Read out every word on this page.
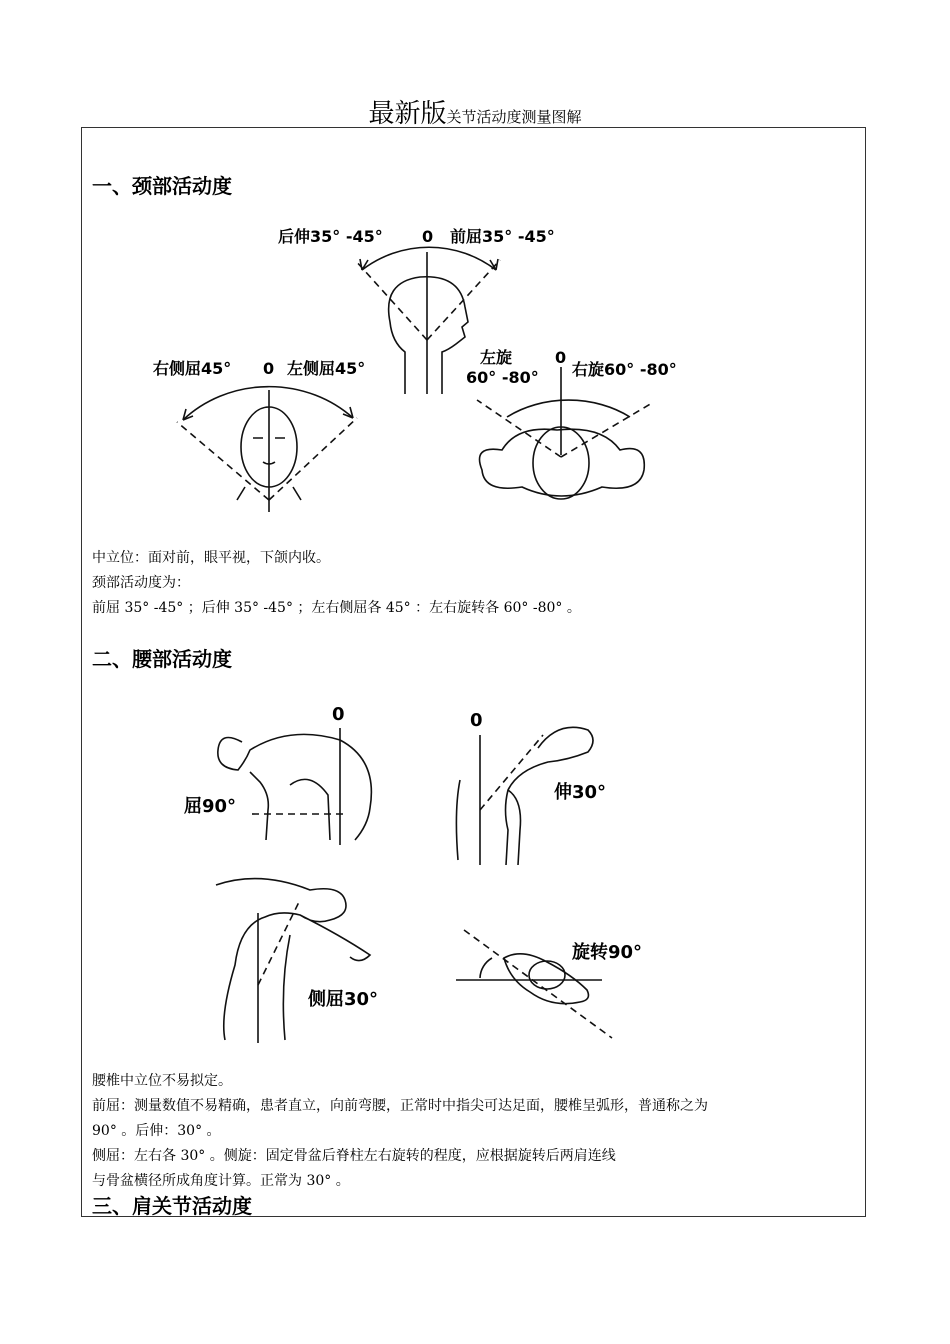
最新版关节活动度测量图解
一、颈部活动度
后伸35° -45° 0 前屈35° -45°
右侧屈45° 0 左侧屈45°
左旋
60° -80°
0
右旋60° -80°
中立位：面对前，眼平视，下颌内收。
颈部活动度为：
前屈 35° -45° ；后伸 35° -45° ；左右侧屈各 45° ：左右旋转各 60° -80° 。
二、腰部活动度
0
屈90°
0
伸30°
侧屈30°
旋转90°
腰椎中立位不易拟定。
前屈：测量数值不易精确，患者直立，向前弯腰，正常时中指尖可达足面，腰椎呈弧形，普通称之为
90° 。后伸：30° 。
侧屈：左右各 30° 。侧旋：固定骨盆后脊柱左右旋转的程度，应根据旋转后两肩连线
与骨盆横径所成角度计算。正常为 30° 。
三、肩关节活动度
